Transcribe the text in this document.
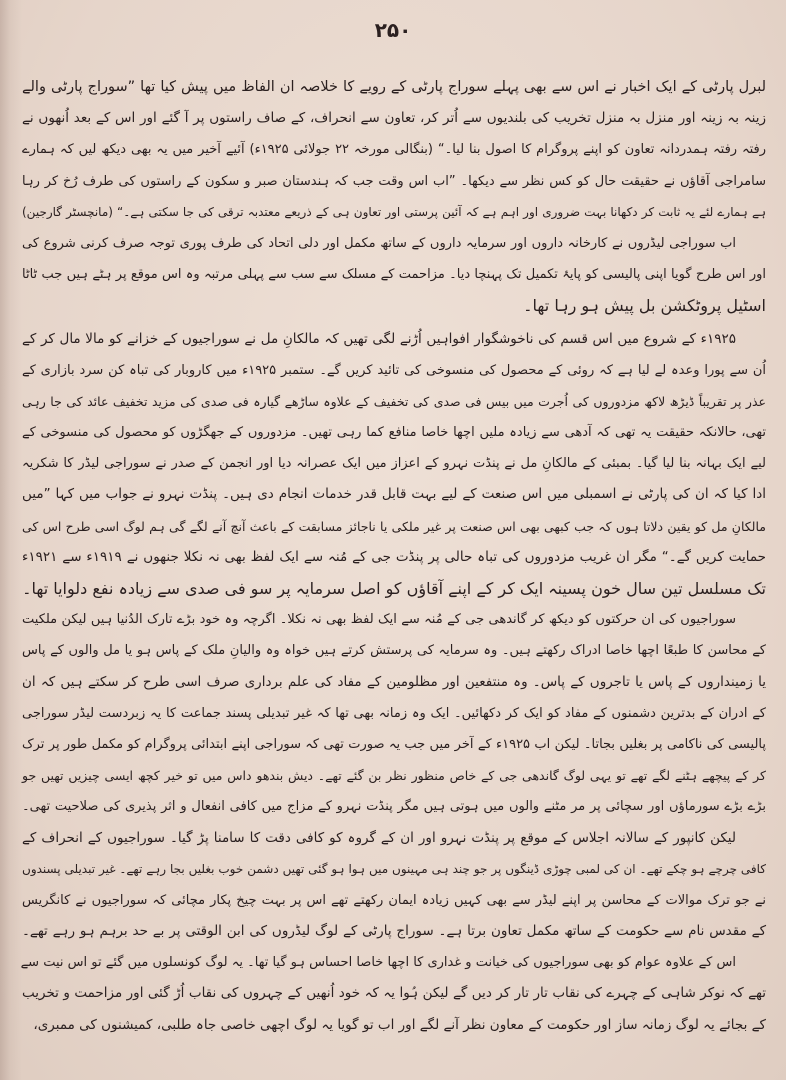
۲۵۰
لبرل پارٹی کے ایک اخبار نے اس سے بھی پہلے سوراج پارٹی کے رویے کا خلاصہ ان الفاظ میں پیش کیا تھا ”سوراج پارٹی والے
زینہ بہ زینہ اور منزل بہ منزل تخریب کی بلندیوں سے اُتر کر، تعاون سے انحراف، کے صاف راستوں پر آ گئے اور اس کے بعد اُنھوں نے
رفتہ رفتہ ہمدردانہ تعاون کو اپنے پروگرام کا اصول بنا لیا۔“ (بنگالی مورخہ ۲۲ جولائی ۱۹۲۵ء) آئیے آخیر میں یہ بھی دیکھ لیں کہ ہمارے
سامراجی آقاؤں نے حقیقت حال کو کس نظر سے دیکھا۔ ”اب اس وقت جب کہ ہندستان صبر و سکون کے راستوں کی طرف رُخ کر رہا
ہے ہمارے لئے یہ ثابت کر دکھانا بہت ضروری اور اہم ہے کہ آئین پرستی اور تعاون ہی کے ذریعے معتدبہ ترقی کی جا سکتی ہے۔“ (مانچسٹر گارجین)
اب سوراجی لیڈروں نے کارخانہ داروں اور سرمایہ داروں کے ساتھ مکمل اور دلی اتحاد کی طرف پوری توجہ صرف کرنی شروع کی
اور اس طرح گویا اپنی پالیسی کو پایۂ تکمیل تک پہنچا دیا۔ مزاحمت کے مسلک سے سب سے پہلی مرتبہ وہ اس موقع پر ہٹے ہیں جب ٹاٹا
اسٹیل پروٹکشن بل پیش ہو رہا تھا۔
۱۹۲۵ء کے شروع میں اس قسم کی ناخوشگوار افواہیں اُڑنے لگی تھیں کہ مالکانِ مل نے سوراجیوں کے خزانے کو مالا مال کر کے
اُن سے پورا وعدہ لے لیا ہے کہ روئی کے محصول کی منسوخی کی تائید کریں گے۔ ستمبر ۱۹۲۵ء میں کاروبار کی تباہ کن سرد بازاری کے
عذر پر تقریباً ڈیڑھ لاکھ مزدوروں کی اُجرت میں بیس فی صدی کی تخفیف کے علاوہ ساڑھے گیارہ فی صدی کی مزید تخفیف عائد کی جا رہی
تھی، حالانکہ حقیقت یہ تھی کہ آدھی سے زیادہ ملیں اچھا خاصا منافع کما رہی تھیں۔ مزدوروں کے جھگڑوں کو محصول کی منسوخی کے
لیے ایک بہانہ بنا لیا گیا۔ بمبئی کے مالکانِ مل نے پنڈت نہرو کے اعزاز میں ایک عصرانہ دیا اور انجمن کے صدر نے سوراجی لیڈر کا شکریہ
ادا کیا کہ ان کی پارٹی نے اسمبلی میں اس صنعت کے لیے بہت قابل قدر خدمات انجام دی ہیں۔ پنڈت نہرو نے جواب میں کہا ”میں
مالکانِ مل کو یقین دلاتا ہوں کہ جب کبھی بھی اس صنعت پر غیر ملکی یا ناجائز مسابقت کے باعث آنچ آنے لگے گی ہم لوگ اسی طرح اس کی
حمایت کریں گے۔“ مگر ان غریب مزدوروں کی تباہ حالی پر پنڈت جی کے مُنہ سے ایک لفظ بھی نہ نکلا جنھوں نے ۱۹۱۹ء سے ۱۹۲۱ء
تک مسلسل تین سال خون پسینہ ایک کر کے اپنے آقاؤں کو اصل سرمایہ پر سو فی صدی سے زیادہ نفع دلوایا تھا۔
سوراجیوں کی ان حرکتوں کو دیکھ کر گاندھی جی کے مُنہ سے ایک لفظ بھی نہ نکلا۔ اگرچہ وہ خود بڑے تارک الدُنیا ہیں لیکن ملکیت
کے محاسن کا طبعًا اچھا خاصا ادراک رکھتے ہیں۔ وہ سرمایہ کی پرستش کرتے ہیں خواہ وہ والیانِ ملک کے پاس ہو یا مل والوں کے پاس
یا زمینداروں کے پاس یا تاجروں کے پاس۔ وہ منتفعین اور مظلومین کے مفاد کی علم برداری صرف اسی طرح کر سکتے ہیں کہ ان
کے ادران کے بدترین دشمنوں کے مفاد کو ایک کر دکھائیں۔ ایک وہ زمانہ بھی تھا کہ غیر تبدیلی پسند جماعت کا یہ زبردست لیڈر سوراجی
پالیسی کی ناکامی پر بغلیں بجاتا۔ لیکن اب ۱۹۲۵ء کے آخر میں جب یہ صورت تھی کہ سوراجی اپنے ابتدائی پروگرام کو مکمل طور پر ترک
کر کے پیچھے ہٹنے لگے تھے تو یہی لوگ گاندھی جی کے خاص منظور نظر بن گئے تھے۔ دیش بندھو داس میں تو خیر کچھ ایسی چیزیں تھیں جو
بڑے بڑے سورماؤں اور سچائی پر مر مٹنے والوں میں ہوتی ہیں مگر پنڈت نہرو کے مزاج میں کافی انفعال و اثر پذیری کی صلاحیت تھی۔
لیکن کانپور کے سالانہ اجلاس کے موقع پر پنڈت نہرو اور ان کے گروہ کو کافی دقت کا سامنا پڑ گیا۔ سوراجیوں کے انحراف کے
کافی چرچے ہو چکے تھے۔ ان کی لمبی چوڑی ڈینگوں پر جو چند ہی مہینوں میں ہوا ہو گئی تھیں دشمن خوب بغلیں بجا رہے تھے۔ غیر تبدیلی پسندوں
نے جو ترک موالات کے محاسن پر اپنے لیڈر سے بھی کہیں زیادہ ایمان رکھتے تھے اس پر بہت چیخ پکار مچائی کہ سوراجیوں نے کانگریس
کے مقدس نام سے حکومت کے ساتھ مکمل تعاون برتا ہے۔ سوراج پارٹی کے لوگ لیڈروں کی ابن الوقتی پر بے حد برہم ہو رہے تھے۔
اس کے علاوہ عوام کو بھی سوراجیوں کی خیانت و غداری کا اچھا خاصا احساس ہو گیا تھا۔ یہ لوگ کونسلوں میں گئے تو اس نیت سے
تھے کہ نوکر شاہی کے چہرے کی نقاب تار تار کر دیں گے لیکن ہُوا یہ کہ خود اُنھیں کے چہروں کی نقاب اُڑ گئی اور مزاحمت و تخریب
کے بجائے یہ لوگ زمانہ ساز اور حکومت کے معاون نظر آنے لگے اور اب تو گویا یہ لوگ اچھی خاصی جاہ طلبی، کمیشنوں کی ممبری،
